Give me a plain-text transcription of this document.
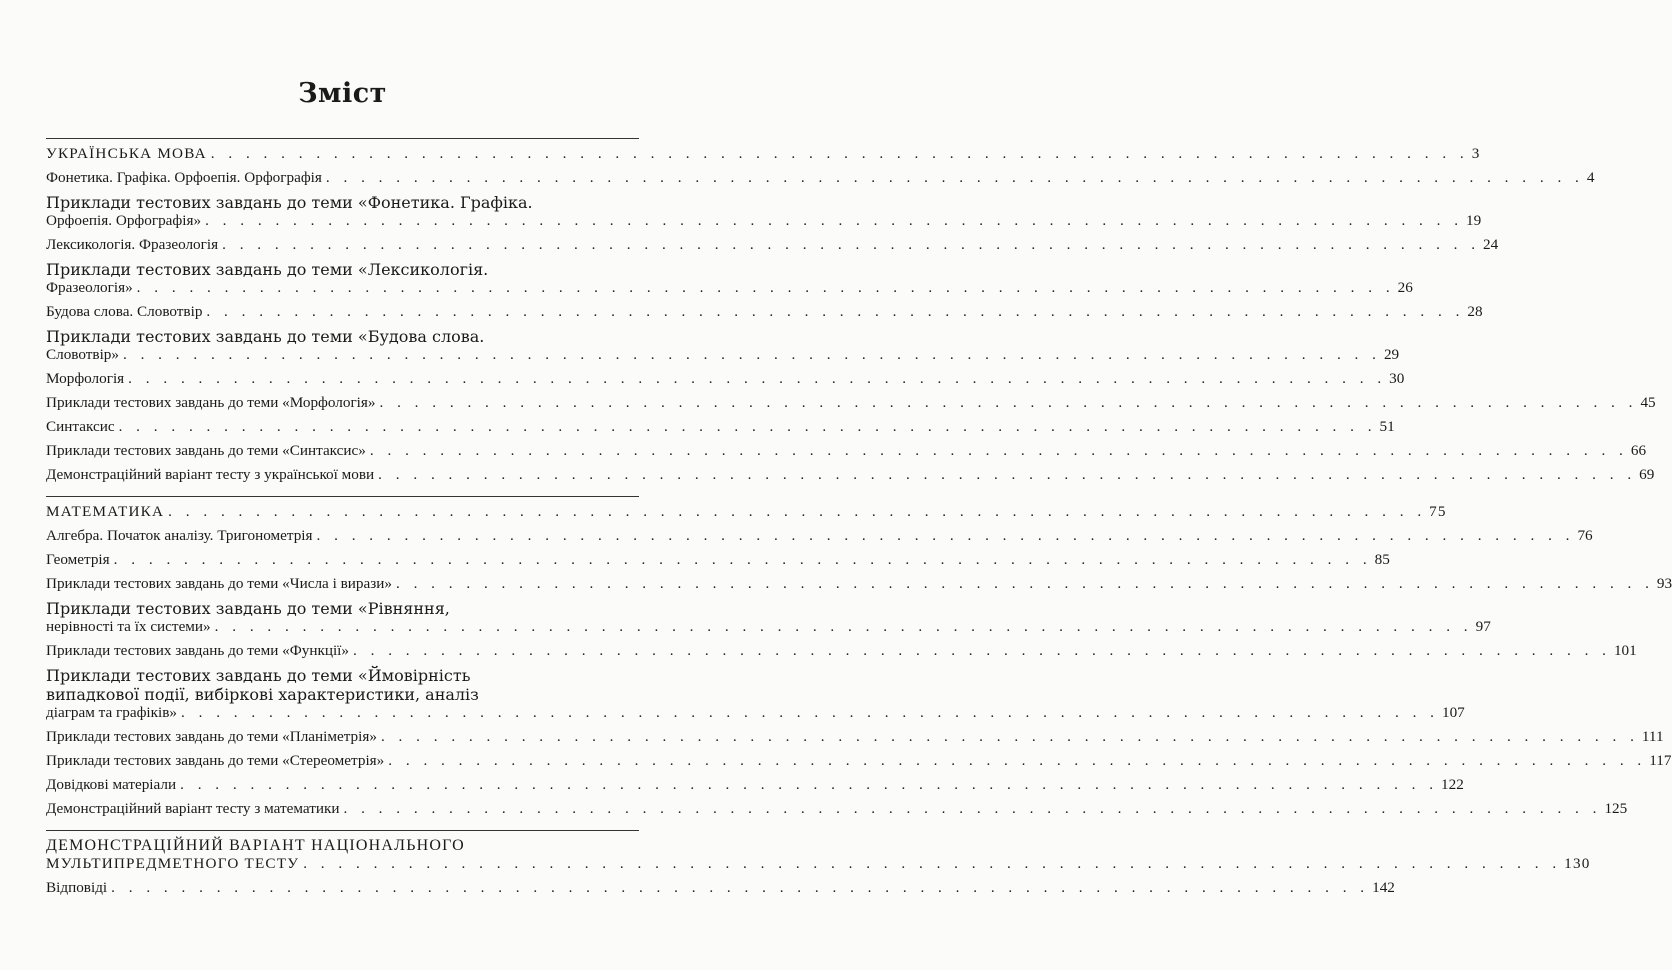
Зміст
УКРАЇНСЬКА МОВА . . . . . . . . . . . . . . . . . . . . . . . . . . . . . . . . . . . . . . . . . . . . . . . . . . . . . . . . . . . . . . . . . . . . . . . . 3
Фонетика. Графіка. Орфоепія. Орфографія . . . . . . . . . . . . . . . . . . . . . . . . . . . . . . . . . . . . . . . . . . . . . . . . . . . . . . . . . . . . . . . . . . . . . . . . 4
Приклади тестових завдань до теми «Фонетика. Графіка.
Орфоепія. Орфографія» . . . . . . . . . . . . . . . . . . . . . . . . . . . . . . . . . . . . . . . . . . . . . . . . . . . . . . . . . . . . . . . . . . . . . . . . 19
Лексикологія. Фразеологія . . . . . . . . . . . . . . . . . . . . . . . . . . . . . . . . . . . . . . . . . . . . . . . . . . . . . . . . . . . . . . . . . . . . . . . . 24
Приклади тестових завдань до теми «Лексикологія.
Фразеологія» . . . . . . . . . . . . . . . . . . . . . . . . . . . . . . . . . . . . . . . . . . . . . . . . . . . . . . . . . . . . . . . . . . . . . . . . 26
Будова слова. Словотвір . . . . . . . . . . . . . . . . . . . . . . . . . . . . . . . . . . . . . . . . . . . . . . . . . . . . . . . . . . . . . . . . . . . . . . . . 28
Приклади тестових завдань до теми «Будова слова.
Словотвір» . . . . . . . . . . . . . . . . . . . . . . . . . . . . . . . . . . . . . . . . . . . . . . . . . . . . . . . . . . . . . . . . . . . . . . . . 29
Морфологія . . . . . . . . . . . . . . . . . . . . . . . . . . . . . . . . . . . . . . . . . . . . . . . . . . . . . . . . . . . . . . . . . . . . . . . . 30
Приклади тестових завдань до теми «Морфологія» . . . . . . . . . . . . . . . . . . . . . . . . . . . . . . . . . . . . . . . . . . . . . . . . . . . . . . . . . . . . . . . . . . . . . . . . 45
Синтаксис . . . . . . . . . . . . . . . . . . . . . . . . . . . . . . . . . . . . . . . . . . . . . . . . . . . . . . . . . . . . . . . . . . . . . . . . 51
Приклади тестових завдань до теми «Синтаксис» . . . . . . . . . . . . . . . . . . . . . . . . . . . . . . . . . . . . . . . . . . . . . . . . . . . . . . . . . . . . . . . . . . . . . . . . 66
Демонстраційний варіант тесту з української мови . . . . . . . . . . . . . . . . . . . . . . . . . . . . . . . . . . . . . . . . . . . . . . . . . . . . . . . . . . . . . . . . . . . . . . . . 69
МАТЕМАТИКА . . . . . . . . . . . . . . . . . . . . . . . . . . . . . . . . . . . . . . . . . . . . . . . . . . . . . . . . . . . . . . . . . . . . . . . . 75
Алгебра. Початок аналізу. Тригонометрія . . . . . . . . . . . . . . . . . . . . . . . . . . . . . . . . . . . . . . . . . . . . . . . . . . . . . . . . . . . . . . . . . . . . . . . . 76
Геометрія . . . . . . . . . . . . . . . . . . . . . . . . . . . . . . . . . . . . . . . . . . . . . . . . . . . . . . . . . . . . . . . . . . . . . . . . 85
Приклади тестових завдань до теми «Числа і вирази» . . . . . . . . . . . . . . . . . . . . . . . . . . . . . . . . . . . . . . . . . . . . . . . . . . . . . . . . . . . . . . . . . . . . . . . . 93
Приклади тестових завдань до теми «Рівняння,
нерівності та їх системи» . . . . . . . . . . . . . . . . . . . . . . . . . . . . . . . . . . . . . . . . . . . . . . . . . . . . . . . . . . . . . . . . . . . . . . . . 97
Приклади тестових завдань до теми «Функції» . . . . . . . . . . . . . . . . . . . . . . . . . . . . . . . . . . . . . . . . . . . . . . . . . . . . . . . . . . . . . . . . . . . . . . . . 101
Приклади тестових завдань до теми «Ймовірність
випадкової події, вибіркові характеристики, аналіз
діаграм та графіків» . . . . . . . . . . . . . . . . . . . . . . . . . . . . . . . . . . . . . . . . . . . . . . . . . . . . . . . . . . . . . . . . . . . . . . . . 107
Приклади тестових завдань до теми «Планіметрія» . . . . . . . . . . . . . . . . . . . . . . . . . . . . . . . . . . . . . . . . . . . . . . . . . . . . . . . . . . . . . . . . . . . . . . . . 111
Приклади тестових завдань до теми «Стереометрія» . . . . . . . . . . . . . . . . . . . . . . . . . . . . . . . . . . . . . . . . . . . . . . . . . . . . . . . . . . . . . . . . . . . . . . . . 117
Довідкові матеріали . . . . . . . . . . . . . . . . . . . . . . . . . . . . . . . . . . . . . . . . . . . . . . . . . . . . . . . . . . . . . . . . . . . . . . . . 122
Демонстраційний варіант тесту з математики . . . . . . . . . . . . . . . . . . . . . . . . . . . . . . . . . . . . . . . . . . . . . . . . . . . . . . . . . . . . . . . . . . . . . . . . 125
ДЕМОНСТРАЦІЙНИЙ ВАРІАНТ НАЦІОНАЛЬНОГО
МУЛЬТИПРЕДМЕТНОГО ТЕСТУ . . . . . . . . . . . . . . . . . . . . . . . . . . . . . . . . . . . . . . . . . . . . . . . . . . . . . . . . . . . . . . . . . . . . . . . . 130
Відповіді . . . . . . . . . . . . . . . . . . . . . . . . . . . . . . . . . . . . . . . . . . . . . . . . . . . . . . . . . . . . . . . . . . . . . . . . 142
